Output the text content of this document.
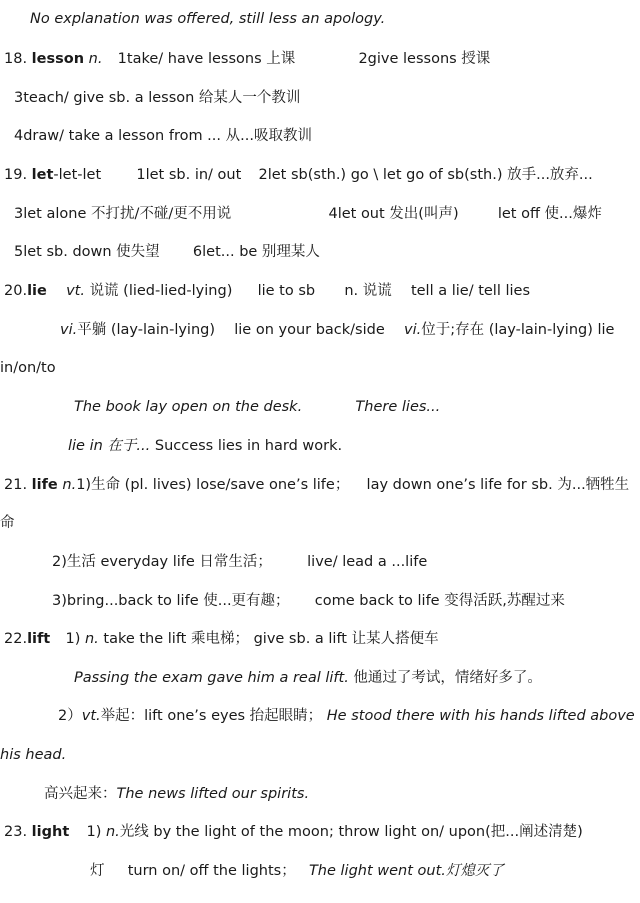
No explanation was offered, still less an apology.
18. lesson n. 1take/ have lessons 上课	2give lessons 授课
3teach/ give sb. a lesson 给某人一个教训
4draw/ take a lesson from ... 从...吸取教训
19. let-let-let 1let sb. in/ out 2let sb(sth.) go \ let go of sb(sth.) 放手...放弃...
3let alone 不打扰/不碰/更不用说	4let out 发出(叫声)	let off 使...爆炸
5let sb. down 使失望 6let... be 别理某人
20.lie vt. 说谎 (lied-lied-lying) lie to sb n. 说谎 tell a lie/ tell lies
vi.平躺 (lay-lain-lying) lie on your back/side vi.位于;存在 (lay-lain-lying) lie
in/on/to
The book lay open on the desk.	There lies...
lie in 在于... Success lies in hard work.
21. life n.1)生命 (pl. lives) lose/save one’s life； lay down one’s life for sb. 为...牺牲生
命
2)生活 everyday life 日常生活； live/ lead a ...life
3)bring...back to life 使...更有趣； come back to life 变得活跃,苏醒过来
22.lift 1) n. take the lift 乘电梯； give sb. a lift 让某人搭便车
Passing the exam gave him a real lift. 他通过了考试，情绪好多了。
2）vt.举起：lift one’s eyes 抬起眼睛； He stood there with his hands lifted above
his head.
高兴起来：The news lifted our spirits.
23. light 1) n.光线 by the light of the moon; throw light on/ upon(把...阐述清楚)
灯 turn on/ off the lights； The light went out.灯熄灭了
